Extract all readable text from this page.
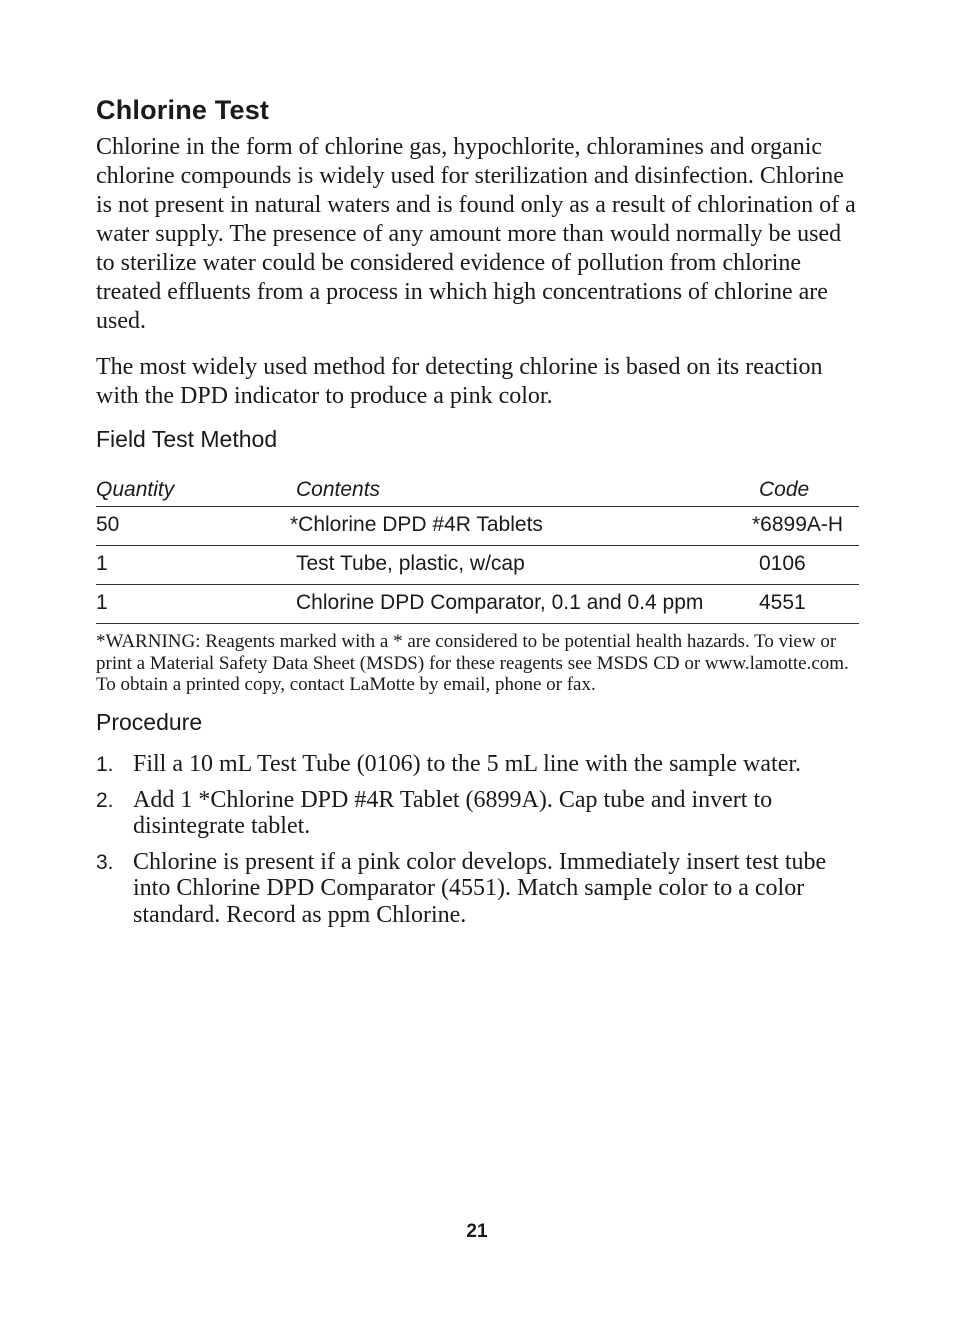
Chlorine Test

Chlorine in the form of chlorine gas, hypochlorite, chloramines and organic chlorine compounds is widely used for sterilization and disinfection. Chlorine is not present in natural waters and is found only as a result of chlorination of a water supply. The presence of any amount more than would normally be used to sterilize water could be considered evidence of pollution from chlorine treated effluents from a process in which high concentrations of chlorine are used.

The most widely used method for detecting chlorine is based on its reaction with the DPD indicator to produce a pink color.

Field Test Method
Quantity	Contents	Code
50	*Chlorine DPD #4R Tablets	*6899A-H
1	Test Tube, plastic, w/cap	0106
1	Chlorine DPD Comparator, 0.1 and 0.4 ppm	4551

*WARNING: Reagents marked with a * are considered to be potential health hazards. To view or print a Material Safety Data Sheet (MSDS) for these reagents see MSDS CD or www.lamotte.com. To obtain a printed copy, contact LaMotte by email, phone or fax.

Procedure
1. Fill a 10 mL Test Tube (0106) to the 5 mL line with the sample water.
2. Add 1 *Chlorine DPD #4R Tablet (6899A). Cap tube and invert to disintegrate tablet.
3. Chlorine is present if a pink color develops. Immediately insert test tube into Chlorine DPD Comparator (4551). Match sample color to a color standard. Record as ppm Chlorine.
21
